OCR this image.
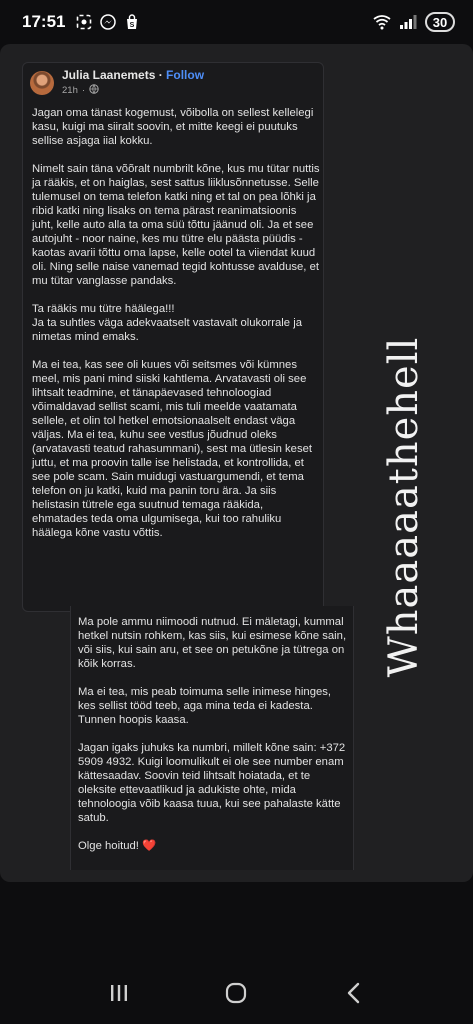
17:51	S	30
Julia Laanemets · Follow
21h ·

Jagan oma tänast kogemust, võibolla on sellest kellelegi kasu, kuigi ma siiralt soovin, et mitte keegi ei puutuks sellise asjaga iial kokku.

Nimelt sain täna võõralt numbrilt kõne, kus mu tütar nuttis ja rääkis, et on haiglas, sest sattus liiklusõnnetusse. Selle tulemusel on tema telefon katki ning et tal on pea lõhki ja ribid katki ning lisaks on tema pärast reanimatsioonis juht, kelle auto alla ta oma süü tõttu jäänud oli. Ja et see autojuht - noor naine, kes mu tütre elu päästa püüdis - kaotas avarii tõttu oma lapse, kelle ootel ta viiendat kuud oli. Ning selle naise vanemad tegid kohtusse avalduse, et mu tütar vanglasse pandaks.

Ta rääkis mu tütre häälega!!!
Ja ta suhtles väga adekvaatselt vastavalt olukorrale ja nimetas mind emaks.

Ma ei tea, kas see oli kuues või seitsmes või kümnes meel, mis pani mind siiski kahtlema. Arvatavasti oli see lihtsalt teadmine, et tänapäevased tehnoloogiad võimaldavad sellist scami, mis tuli meelde vaatamata sellele, et olin tol hetkel emotsionaalselt endast väga väljas. Ma ei tea, kuhu see vestlus jõudnud oleks (arvatavasti teatud rahasummani), sest ma ütlesin keset juttu, et ma proovin talle ise helistada, et kontrollida, et see pole scam. Sain muidugi vastuargumendi, et tema telefon on ju katki, kuid ma panin toru ära. Ja siis helistasin tütrele ega suutnud temaga rääkida, ehmatades teda oma ulgumisega, kui too rahuliku häälega kõne vastu võttis.

Ma pole ammu niimoodi nutnud. Ei mäletagi, kummal hetkel nutsin rohkem, kas siis, kui esimese kõne sain, või siis, kui sain aru, et see on petukõne ja tütrega on kõik korras.

Ma ei tea, mis peab toimuma selle inimese hinges, kes sellist tööd teeb, aga mina teda ei kadesta. Tunnen hoopis kaasa.

Jagan igaks juhuks ka numbri, millelt kõne sain: +372 5909 4932. Kuigi loomulikult ei ole see number enam kättesaadav. Soovin teid lihtsalt hoiatada, et te oleksite ettevaatlikud ja adukiste ohte, mida tehnoloogia võib kaasa tuua, kui see pahalaste kätte satub.

Olge hoitud! ❤️

Whaaaaathehell
